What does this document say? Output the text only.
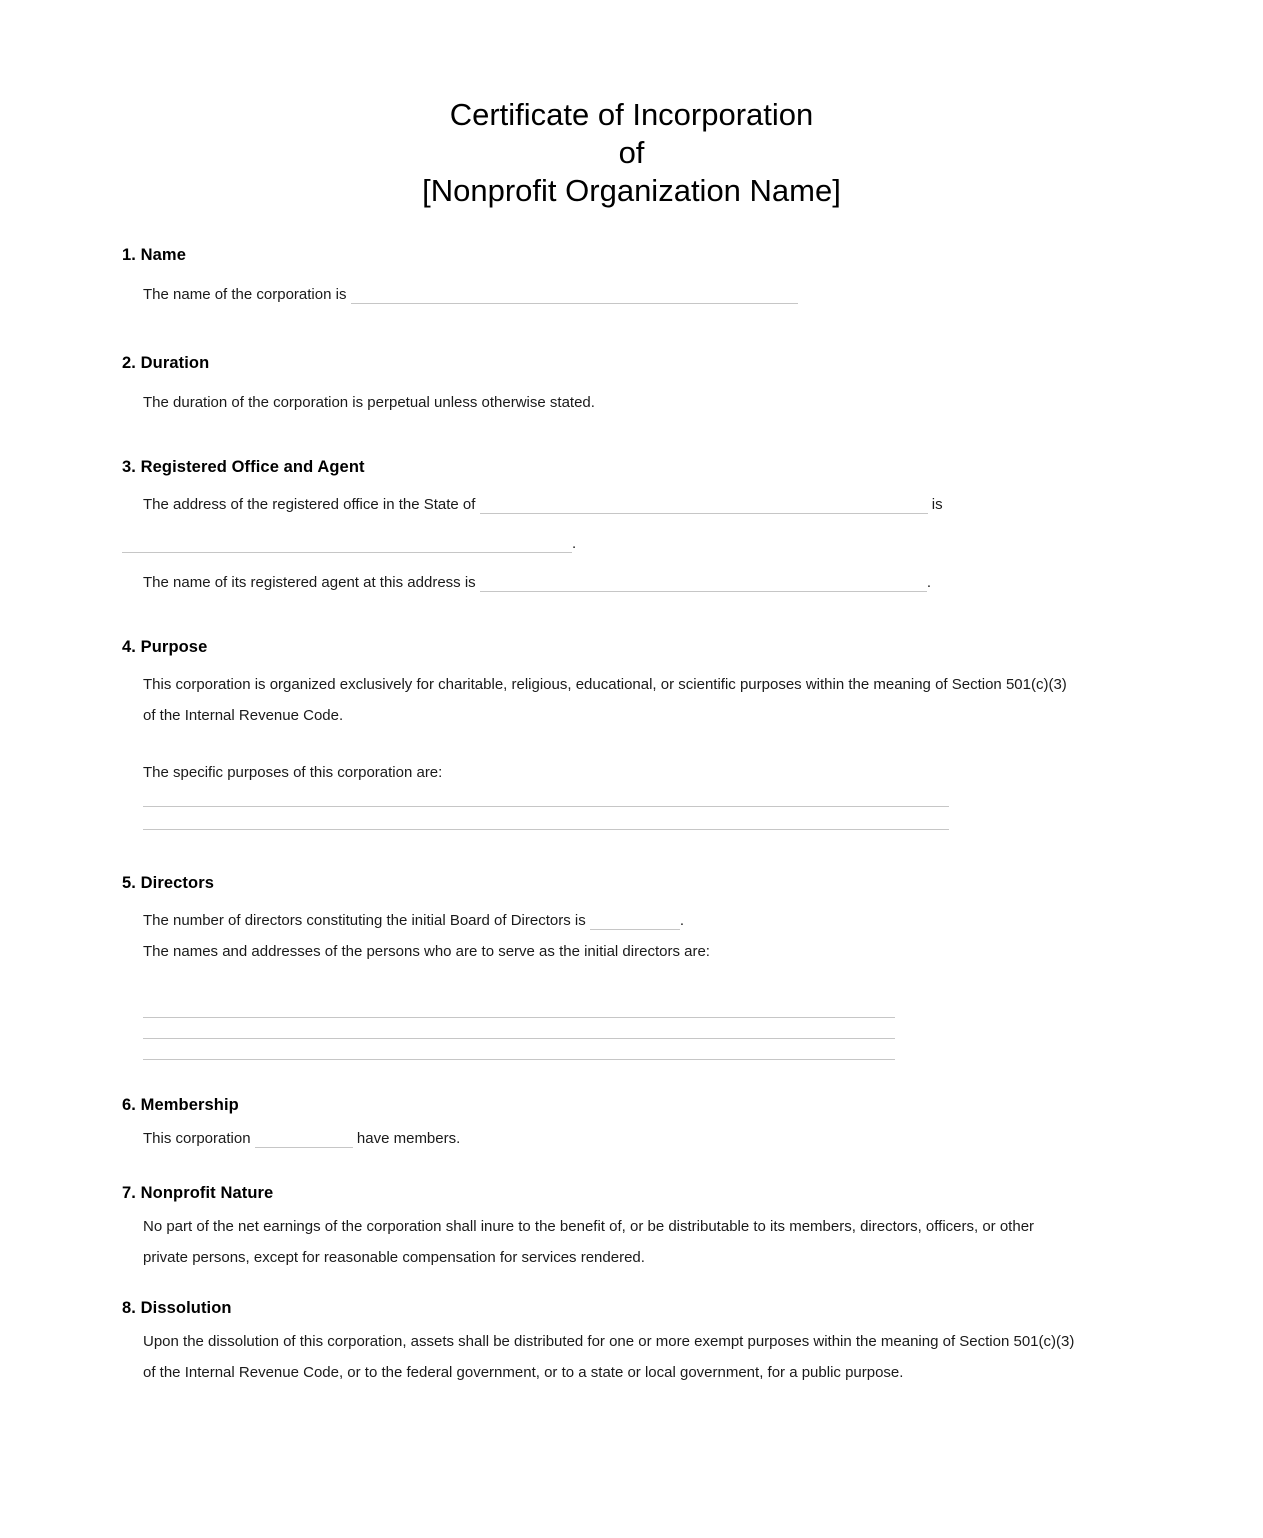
Certificate of Incorporation
of
[Nonprofit Organization Name]
1. Name
The name of the corporation is
2. Duration
The duration of the corporation is perpetual unless otherwise stated.
3. Registered Office and Agent
The address of the registered office in the State of	is
.
The name of its registered agent at this address is	.
4. Purpose
This corporation is organized exclusively for charitable, religious, educational, or scientific purposes within the meaning of Section 501(c)(3)
of the Internal Revenue Code.
The specific purposes of this corporation are:
5. Directors
The number of directors constituting the initial Board of Directors is	.
The names and addresses of the persons who are to serve as the initial directors are:
6. Membership
This corporation	have members.
7. Nonprofit Nature
No part of the net earnings of the corporation shall inure to the benefit of, or be distributable to its members, directors, officers, or other
private persons, except for reasonable compensation for services rendered.
8. Dissolution
Upon the dissolution of this corporation, assets shall be distributed for one or more exempt purposes within the meaning of Section 501(c)(3)
of the Internal Revenue Code, or to the federal government, or to a state or local government, for a public purpose.
